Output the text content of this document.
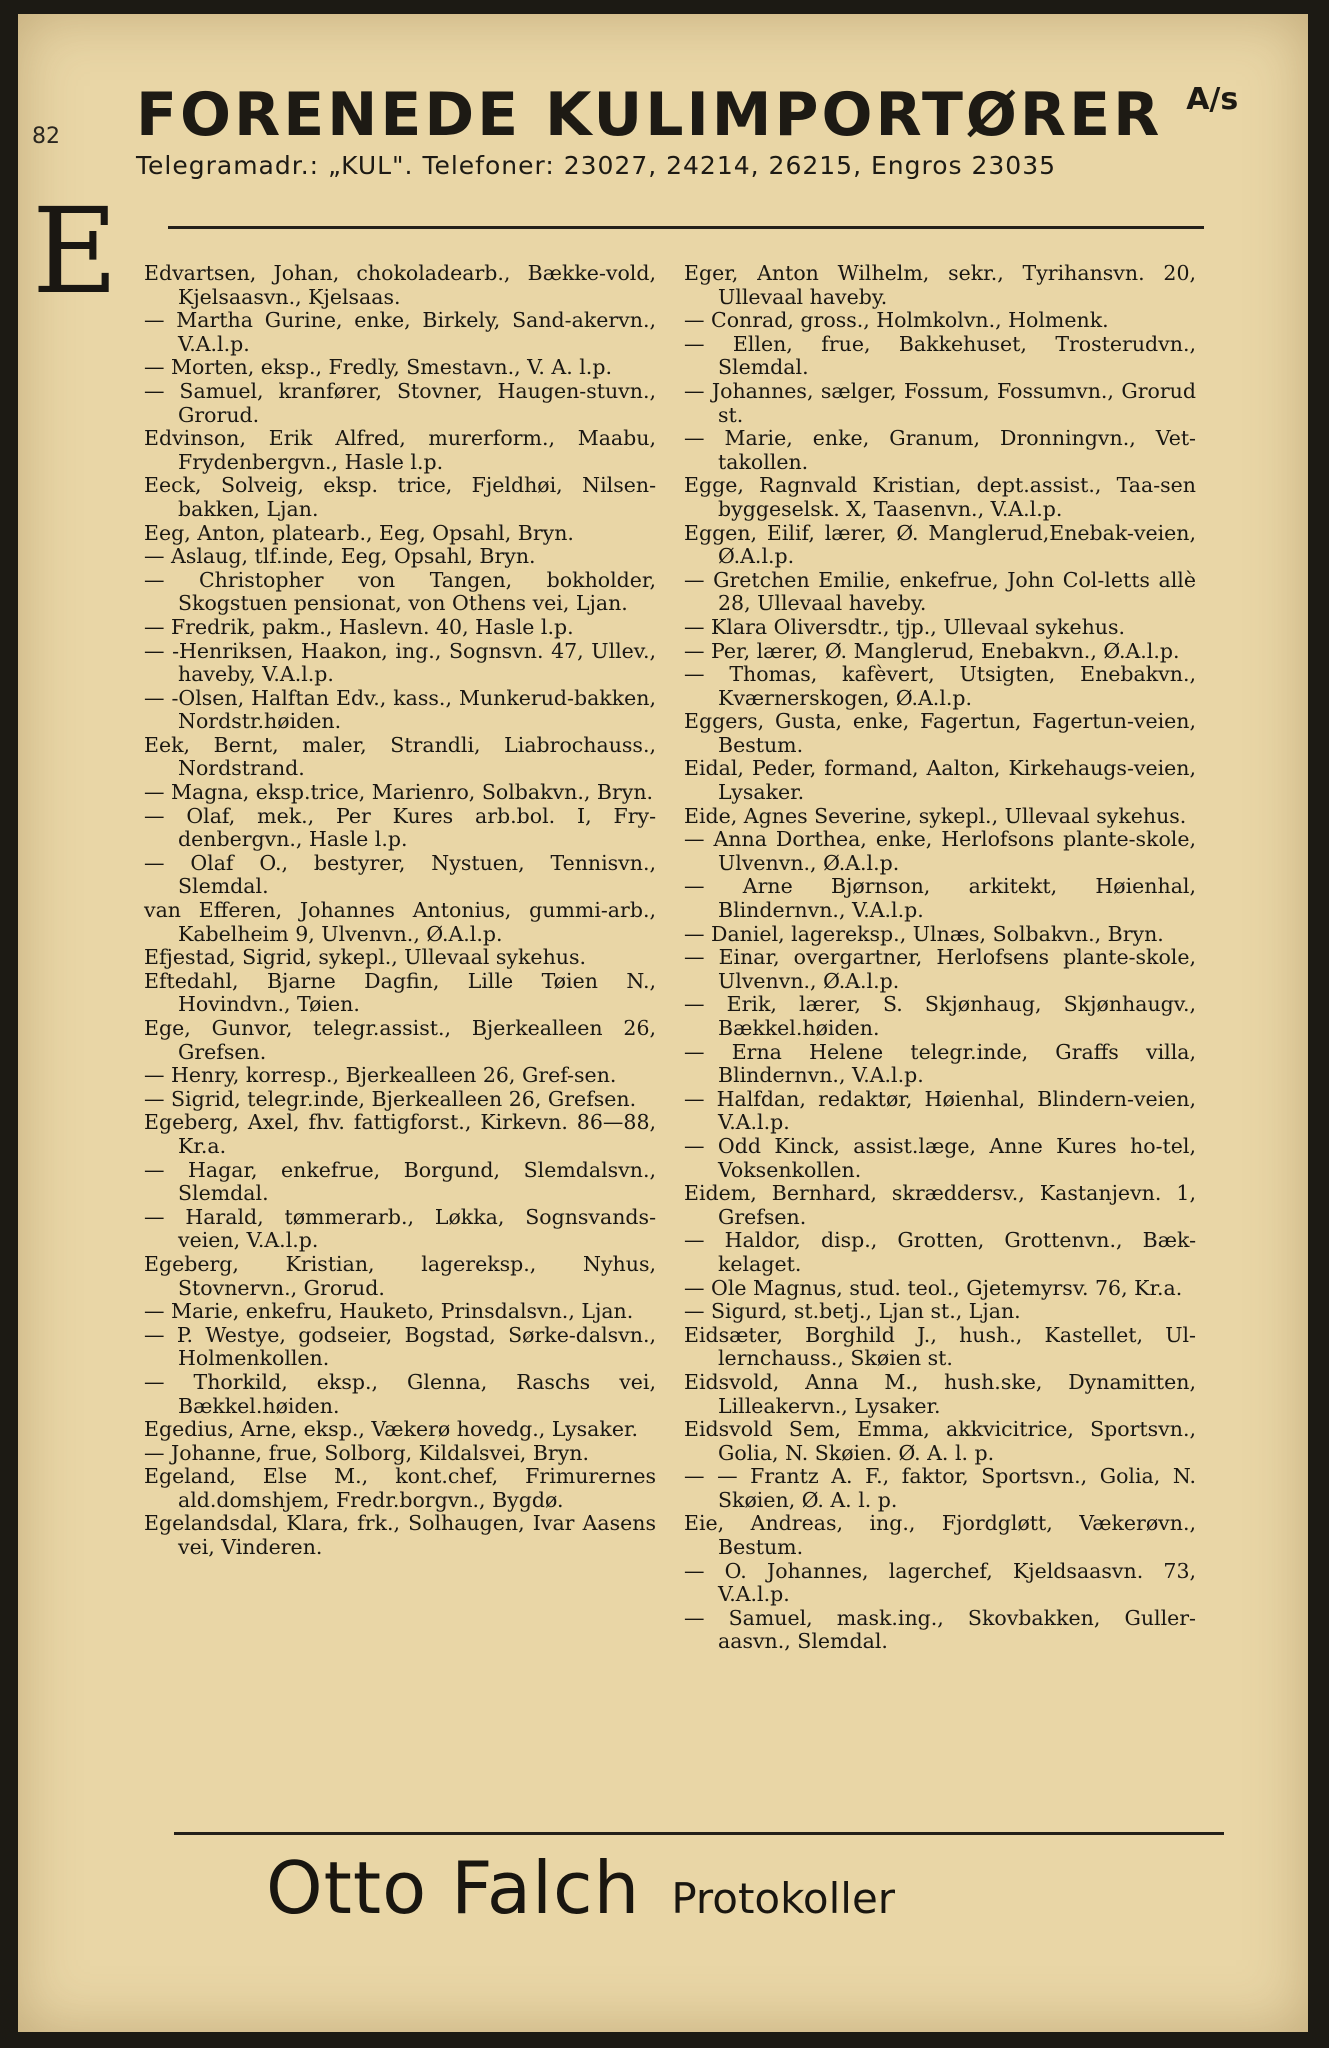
82
E
FORENEDE KULIMPORTØRER $^{A/s}$
Telegramadr.: „KUL". Telefoner: 23027, 24214, 26215, Engros 23035
Edvartsen, Johan, chokoladearb., Bække-vold, Kjelsaasvn., Kjelsaas.
— Martha Gurine, enke, Birkely, Sand-akervn., V.A.l.p.
— Morten, eksp., Fredly, Smestavn., V. A. l.p.
— Samuel, kranfører, Stovner, Haugen-stuvn., Grorud.
Edvinson, Erik Alfred, murerform., Maabu, Frydenbergvn., Hasle l.p.
Eeck, Solveig, eksp. trice, Fjeldhøi, Nilsen-bakken, Ljan.
Eeg, Anton, platearb., Eeg, Opsahl, Bryn.
— Aslaug, tlf.inde, Eeg, Opsahl, Bryn.
— Christopher von Tangen, bokholder, Skogstuen pensionat, von Othens vei, Ljan.
— Fredrik, pakm., Haslevn. 40, Hasle l.p.
— -Henriksen, Haakon, ing., Sognsvn. 47, Ullev., haveby, V.A.l.p.
— -Olsen, Halftan Edv., kass., Munkerud-bakken, Nordstr.høiden.
Eek, Bernt, maler, Strandli, Liabrochauss., Nordstrand.
— Magna, eksp.trice, Marienro, Solbakvn., Bryn.
— Olaf, mek., Per Kures arb.bol. I, Fry-denbergvn., Hasle l.p.
— Olaf O., bestyrer, Nystuen, Tennisvn., Slemdal.
van Efferen, Johannes Antonius, gummi-arb., Kabelheim 9, Ulvenvn., Ø.A.l.p.
Efjestad, Sigrid, sykepl., Ullevaal sykehus.
Eftedahl, Bjarne Dagfin, Lille Tøien N., Hovindvn., Tøien.
Ege, Gunvor, telegr.assist., Bjerkealleen 26, Grefsen.
— Henry, korresp., Bjerkealleen 26, Gref-sen.
— Sigrid, telegr.inde, Bjerkealleen 26, Grefsen.
Egeberg, Axel, fhv. fattigforst., Kirkevn. 86—88, Kr.a.
— Hagar, enkefrue, Borgund, Slemdalsvn., Slemdal.
— Harald, tømmerarb., Løkka, Sognsvands-veien, V.A.l.p.
Egeberg, Kristian, lagereksp., Nyhus, Stovnervn., Grorud.
— Marie, enkefru, Hauketo, Prinsdalsvn., Ljan.
— P. Westye, godseier, Bogstad, Sørke-dalsvn., Holmenkollen.
— Thorkild, eksp., Glenna, Raschs vei, Bækkel.høiden.
Egedius, Arne, eksp., Vækerø hovedg., Lysaker.
— Johanne, frue, Solborg, Kildalsvei, Bryn.
Egeland, Else M., kont.chef, Frimurernes ald.domshjem, Fredr.borgvn., Bygdø.
Egelandsdal, Klara, frk., Solhaugen, Ivar Aasens vei, Vinderen.
Eger, Anton Wilhelm, sekr., Tyrihansvn. 20, Ullevaal haveby.
— Conrad, gross., Holmkolvn., Holmenk.
— Ellen, frue, Bakkehuset, Trosterudvn., Slemdal.
— Johannes, sælger, Fossum, Fossumvn., Grorud st.
— Marie, enke, Granum, Dronningvn., Vet-takollen.
Egge, Ragnvald Kristian, dept.assist., Taa-sen byggeselsk. X, Taasenvn., V.A.l.p.
Eggen, Eilif, lærer, Ø. Manglerud,Enebak-veien, Ø.A.l.p.
— Gretchen Emilie, enkefrue, John Col-letts allè 28, Ullevaal haveby.
— Klara Oliversdtr., tjp., Ullevaal sykehus.
— Per, lærer, Ø. Manglerud, Enebakvn., Ø.A.l.p.
— Thomas, kafèvert, Utsigten, Enebakvn., Kværnerskogen, Ø.A.l.p.
Eggers, Gusta, enke, Fagertun, Fagertun-veien, Bestum.
Eidal, Peder, formand, Aalton, Kirkehaugs-veien, Lysaker.
Eide, Agnes Severine, sykepl., Ullevaal sykehus.
— Anna Dorthea, enke, Herlofsons plante-skole, Ulvenvn., Ø.A.l.p.
— Arne Bjørnson, arkitekt, Høienhal, Blindernvn., V.A.l.p.
— Daniel, lagereksp., Ulnæs, Solbakvn., Bryn.
— Einar, overgartner, Herlofsens plante-skole, Ulvenvn., Ø.A.l.p.
— Erik, lærer, S. Skjønhaug, Skjønhaugv., Bækkel.høiden.
— Erna Helene telegr.inde, Graffs villa, Blindernvn., V.A.l.p.
— Halfdan, redaktør, Høienhal, Blindern-veien, V.A.l.p.
— Odd Kinck, assist.læge, Anne Kures ho-tel, Voksenkollen.
Eidem, Bernhard, skræddersv., Kastanjevn. 1, Grefsen.
— Haldor, disp., Grotten, Grottenvn., Bæk-kelaget.
— Ole Magnus, stud. teol., Gjetemyrsv. 76, Kr.a.
— Sigurd, st.betj., Ljan st., Ljan.
Eidsæter, Borghild J., hush., Kastellet, Ul-lernchauss., Skøien st.
Eidsvold, Anna M., hush.ske, Dynamitten, Lilleakervn., Lysaker.
Eidsvold Sem, Emma, akkvicitrice, Sportsvn., Golia, N. Skøien. Ø. A. l. p.
— — Frantz A. F., faktor, Sportsvn., Golia, N. Skøien, Ø. A. l. p.
Eie, Andreas, ing., Fjordgløtt, Vækerøvn., Bestum.
— O. Johannes, lagerchef, Kjeldsaasvn. 73, V.A.l.p.
— Samuel, mask.ing., Skovbakken, Guller-aasvn., Slemdal.
Otto Falch Protokoller
